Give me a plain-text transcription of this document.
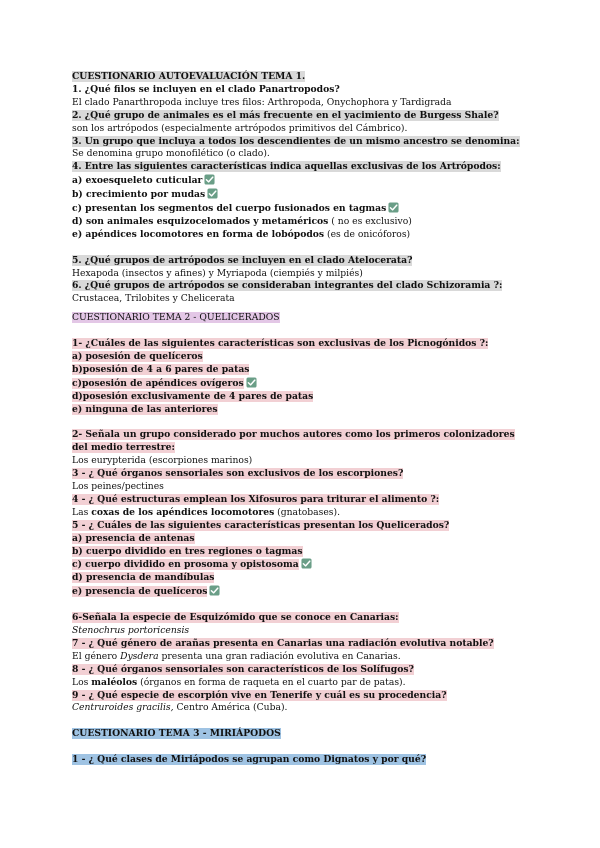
CUESTIONARIO AUTOEVALUACIÓN TEMA 1.
1. ¿Qué filos se incluyen en el clado Panartropodos?
El clado Panarthropoda incluye tres filos: Arthropoda, Onychophora y Tardigrada
2. ¿Qué grupo de animales es el más frecuente en el yacimiento de Burgess Shale?
son los artrópodos (especialmente artrópodos primitivos del Cámbrico).
3. Un grupo que incluya a todos los descendientes de un mismo ancestro se denomina:
Se denomina grupo monofilético (o clado).
4. Entre las siguientes características indica aquellas exclusivas de los Artrópodos:
a) exoesqueleto cuticular
b) crecimiento por mudas
c) presentan los segmentos del cuerpo fusionados en tagmas
d) son animales esquizocelomados y metaméricos ( no es exclusivo)
e) apéndices locomotores en forma de lobópodos (es de onicóforos)
5. ¿Qué grupos de artrópodos se incluyen en el clado Atelocerata?
Hexapoda (insectos y afines) y Myriapoda (ciempiés y milpiés)
6. ¿Qué grupos de artrópodos se consideraban integrantes del clado Schizoramia ?:
Crustacea, Trilobites y Chelicerata
CUESTIONARIO TEMA 2 - QUELICERADOS
1- ¿Cuáles de las siguientes características son exclusivas de los Picnogónidos ?:
a) posesión de quelíceros
b)posesión de 4 a 6 pares de patas
c)posesión de apéndices ovígeros
d)posesión exclusivamente de 4 pares de patas
e) ninguna de las anteriores
2- Señala un grupo considerado por muchos autores como los primeros colonizadores del medio terrestre:
Los eurypterida (escorpiones marinos)
3 - ¿ Qué órganos sensoriales son exclusivos de los escorpiones?
Los peines/pectines
4 - ¿ Qué estructuras emplean los Xifosuros para triturar el alimento ?:
Las coxas de los apéndices locomotores (gnatobases).
5 - ¿ Cuáles de las siguientes características presentan los Quelicerados?
a) presencia de antenas
b) cuerpo dividido en tres regiones o tagmas
c) cuerpo dividido en prosoma y opistosoma
d) presencia de mandíbulas
e) presencia de quelíceros
6-Señala la especie de Esquizómido que se conoce en Canarias:
Stenochrus portoricensis
7 - ¿ Qué género de arañas presenta en Canarias una radiación evolutiva notable?
El género Dysdera presenta una gran radiación evolutiva en Canarias.
8 - ¿ Qué órganos sensoriales son característicos de los Solífugos?
Los maléolos (órganos en forma de raqueta en el cuarto par de patas).
9 - ¿ Qué especie de escorpión vive en Tenerife y cuál es su procedencia?
Centruroides gracilis, Centro América (Cuba).
CUESTIONARIO TEMA 3 - MIRIÁPODOS
1 - ¿ Qué clases de Miriápodos se agrupan como Dignatos y por qué?
